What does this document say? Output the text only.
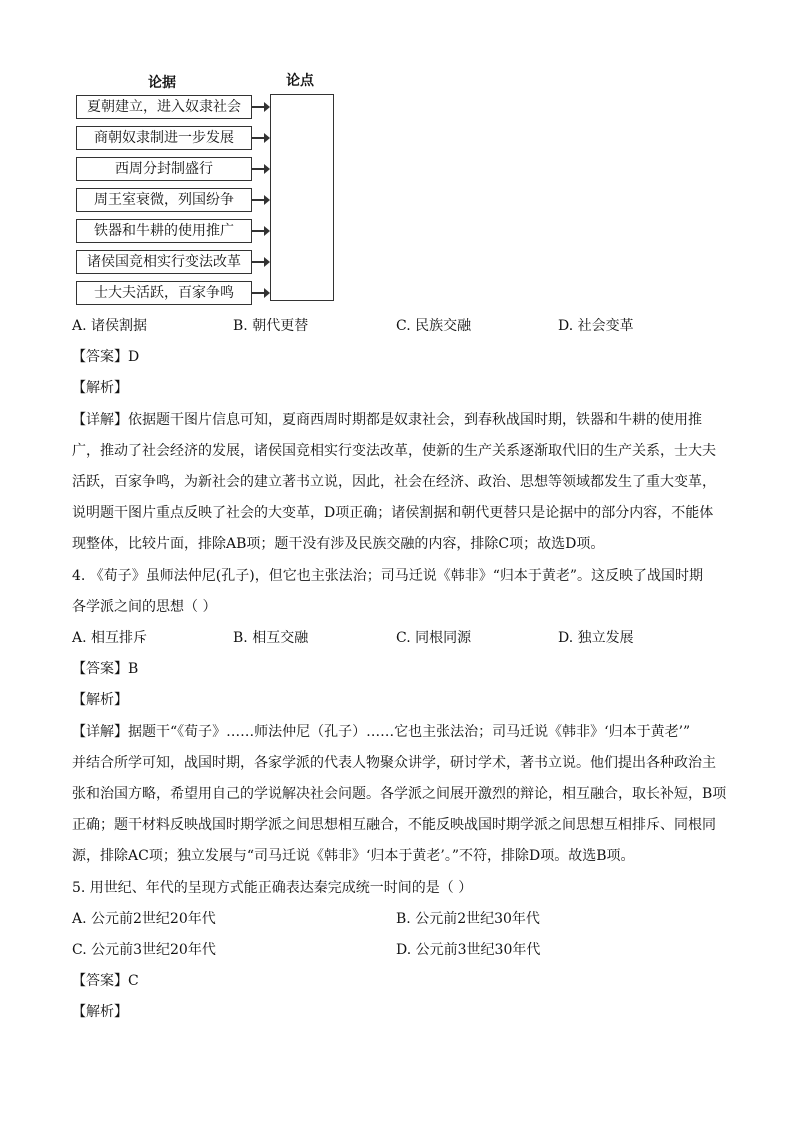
论据	论点
夏朝建立，进入奴隶社会
商朝奴隶制进一步发展
西周分封制盛行
周王室衰微，列国纷争
铁器和牛耕的使用推广
诸侯国竞相实行变法改革
士大夫活跃，百家争鸣
A. 诸侯割据	B. 朝代更替	C. 民族交融	D. 社会变革
【答案】D
【解析】
【详解】依据题干图片信息可知，夏商西周时期都是奴隶社会，到春秋战国时期，铁器和牛耕的使用推
广，推动了社会经济的发展，诸侯国竞相实行变法改革，使新的生产关系逐渐取代旧的生产关系，士大夫
活跃，百家争鸣，为新社会的建立著书立说，因此，社会在经济、政治、思想等领域都发生了重大变革，
说明题干图片重点反映了社会的大变革，D项正确；诸侯割据和朝代更替只是论据中的部分内容，不能体
现整体，比较片面，排除AB项；题干没有涉及民族交融的内容，排除C项；故选D项。
4. 《荀子》虽师法仲尼(孔子)，但它也主张法治；司马迁说《韩非》“归本于黄老”。这反映了战国时期
各学派之间的思想（ ）
A. 相互排斥	B. 相互交融	C. 同根同源	D. 独立发展
【答案】B
【解析】
【详解】据题干“《荀子》……师法仲尼（孔子）……它也主张法治；司马迁说《韩非》‘归本于黄老’”
并结合所学可知，战国时期，各家学派的代表人物聚众讲学，研讨学术，著书立说。他们提出各种政治主
张和治国方略，希望用自己的学说解决社会问题。各学派之间展开激烈的辩论，相互融合，取长补短，B项
正确；题干材料反映战国时期学派之间思想相互融合，不能反映战国时期学派之间思想互相排斥、同根同
源，排除AC项；独立发展与“司马迁说《韩非》‘归本于黄老’。”不符，排除D项。故选B项。
5. 用世纪、年代的呈现方式能正确表达秦完成统一时间的是（ ）
A. 公元前2世纪20年代	B. 公元前2世纪30年代
C. 公元前3世纪20年代	D. 公元前3世纪30年代
【答案】C
【解析】
